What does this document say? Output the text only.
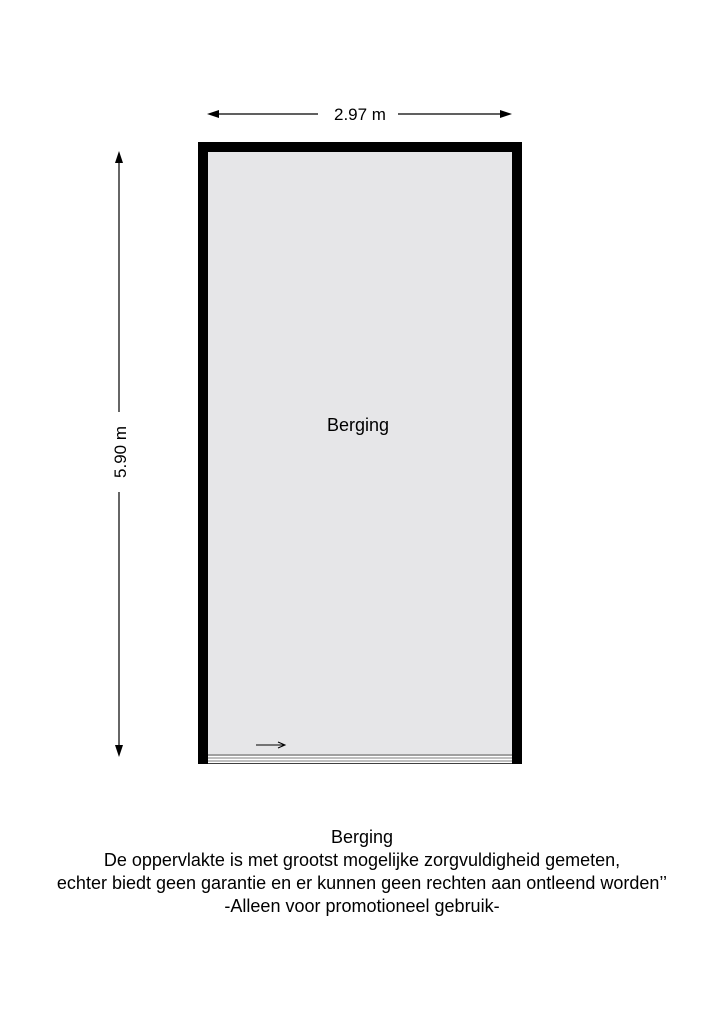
2.97 m
5.90 m
Berging
Berging
De oppervlakte is met grootst mogelijke zorgvuldigheid gemeten,
echter biedt geen garantie en er kunnen geen rechten aan ontleend worden’’
-Alleen voor promotioneel gebruik-
